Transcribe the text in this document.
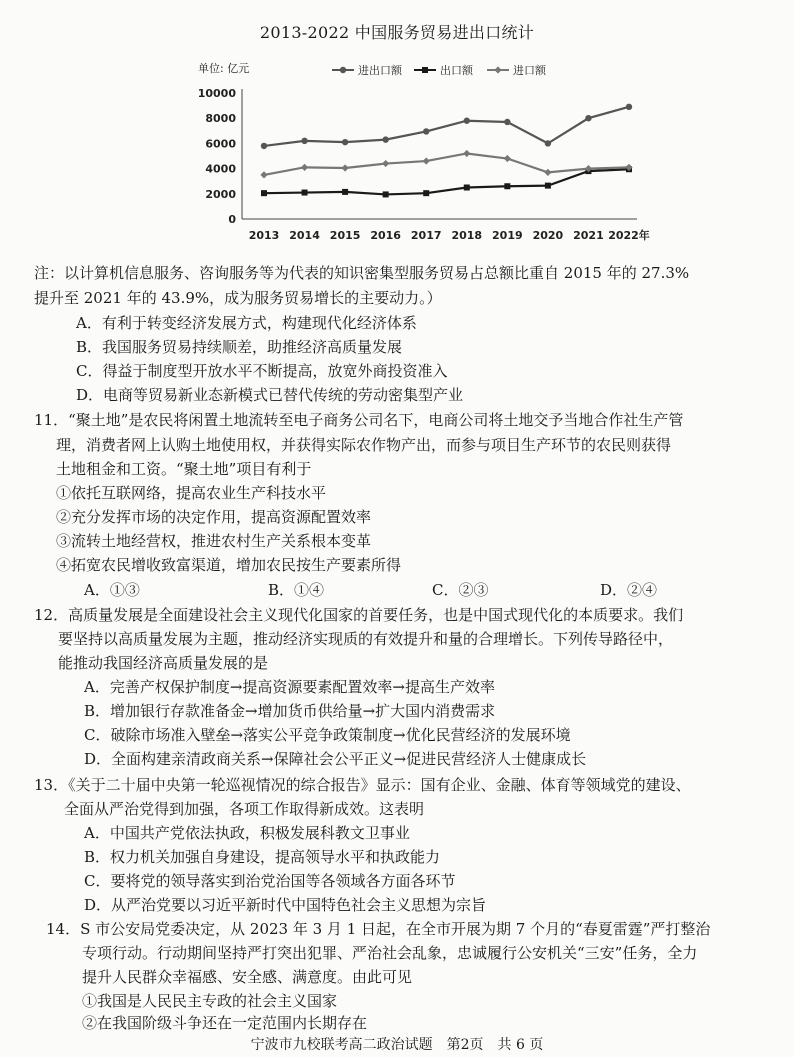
2013-2022 中国服务贸易进出口统计
单位: 亿元	进出口额	出口额	进口额
10000
8000
6000
4000
2000
0
2013 2014 2015 2016 2017 2018 2019 2020 2021 2022年
注：以计算机信息服务、咨询服务等为代表的知识密集型服务贸易占总额比重自 2015 年的 27.3%
提升至 2021 年的 43.9%，成为服务贸易增长的主要动力。）
A．有利于转变经济发展方式，构建现代化经济体系
B．我国服务贸易持续顺差，助推经济高质量发展
C．得益于制度型开放水平不断提高，放宽外商投资准入
D．电商等贸易新业态新模式已替代传统的劳动密集型产业
11．“聚土地”是农民将闲置土地流转至电子商务公司名下，电商公司将土地交予当地合作社生产管
理，消费者网上认购土地使用权，并获得实际农作物产出，而参与项目生产环节的农民则获得
土地租金和工资。“聚土地”项目有利于
①依托互联网络，提高农业生产科技水平
②充分发挥市场的决定作用，提高资源配置效率
③流转土地经营权，推进农村生产关系根本变革
④拓宽农民增收致富渠道，增加农民按生产要素所得
A．①③	B．①④	C．②③	D．②④
12．高质量发展是全面建设社会主义现代化国家的首要任务，也是中国式现代化的本质要求。我们
要坚持以高质量发展为主题，推动经济实现质的有效提升和量的合理增长。下列传导路径中，
能推动我国经济高质量发展的是
A．完善产权保护制度→提高资源要素配置效率→提高生产效率
B．增加银行存款准备金→增加货币供给量→扩大国内消费需求
C．破除市场准入壁垒→落实公平竞争政策制度→优化民营经济的发展环境
D．全面构建亲清政商关系→保障社会公平正义→促进民营经济人士健康成长
13．《关于二十届中央第一轮巡视情况的综合报告》显示：国有企业、金融、体育等领域党的建设、
全面从严治党得到加强，各项工作取得新成效。这表明
A．中国共产党依法执政，积极发展科教文卫事业
B．权力机关加强自身建设，提高领导水平和执政能力
C．要将党的领导落实到治党治国等各领域各方面各环节
D．从严治党要以习近平新时代中国特色社会主义思想为宗旨
14．S 市公安局党委决定，从 2023 年 3 月 1 日起，在全市开展为期 7 个月的“春夏雷霆”严打整治
专项行动。行动期间坚持严打突出犯罪、严治社会乱象，忠诚履行公安机关“三安”任务，全力
提升人民群众幸福感、安全感、满意度。由此可见
①我国是人民民主专政的社会主义国家
②在我国阶级斗争还在一定范围内长期存在
宁波市九校联考高二政治试题　第2页　共 6 页
